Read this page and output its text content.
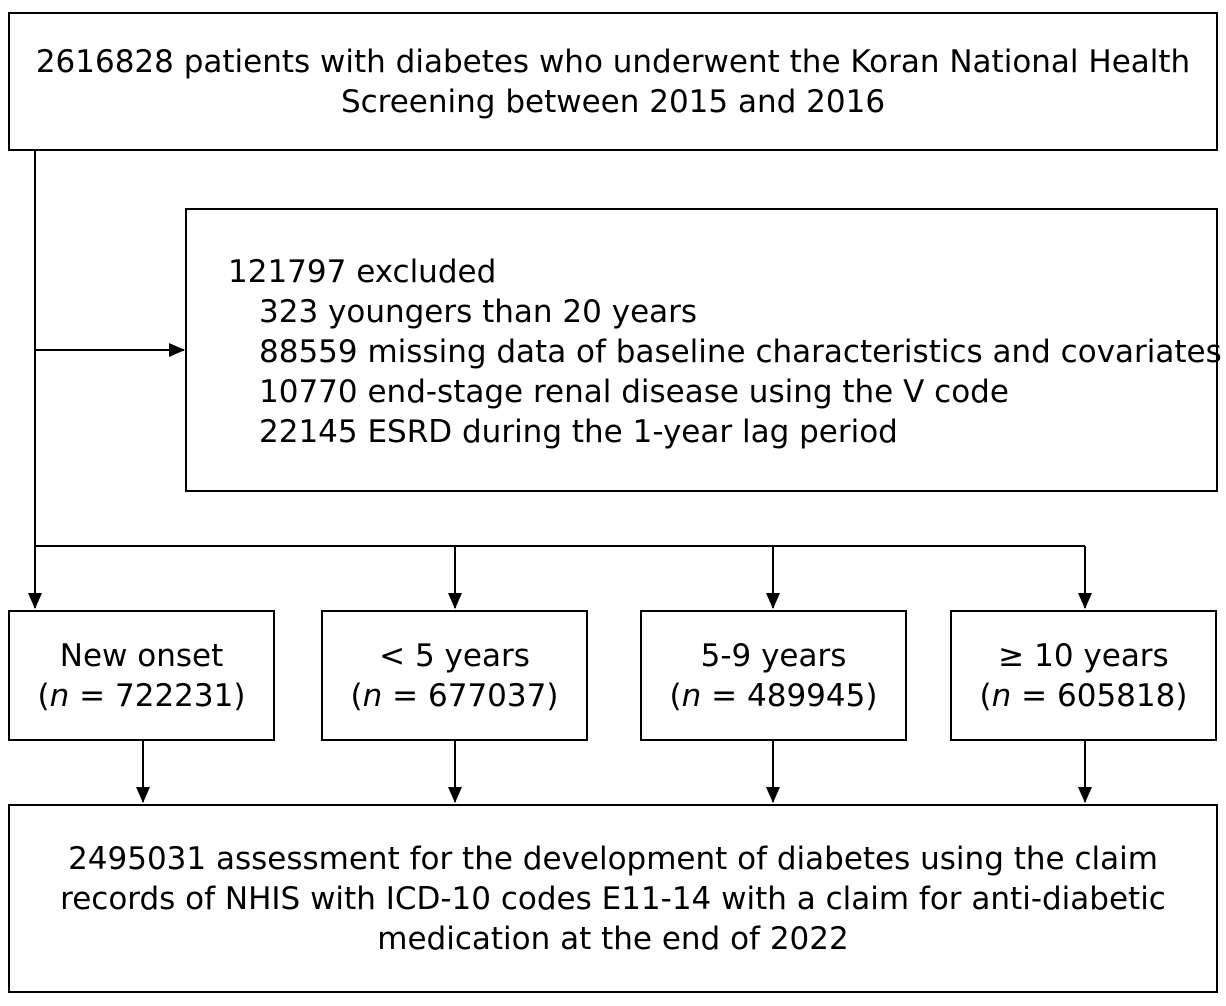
2616828 patients with diabetes who underwent the Koran National Health
Screening between 2015 and 2016
121797 excluded
323 youngers than 20 years
88559 missing data of baseline characteristics and covariates
10770 end-stage renal disease using the V code
22145 ESRD during the 1-year lag period
New onset
(n = 722231)
< 5 years
(n = 677037)
5-9 years
(n = 489945)
≥ 10 years
(n = 605818)
2495031 assessment for the development of diabetes using the claim
records of NHIS with ICD-10 codes E11-14 with a claim for anti-diabetic
medication at the end of 2022
